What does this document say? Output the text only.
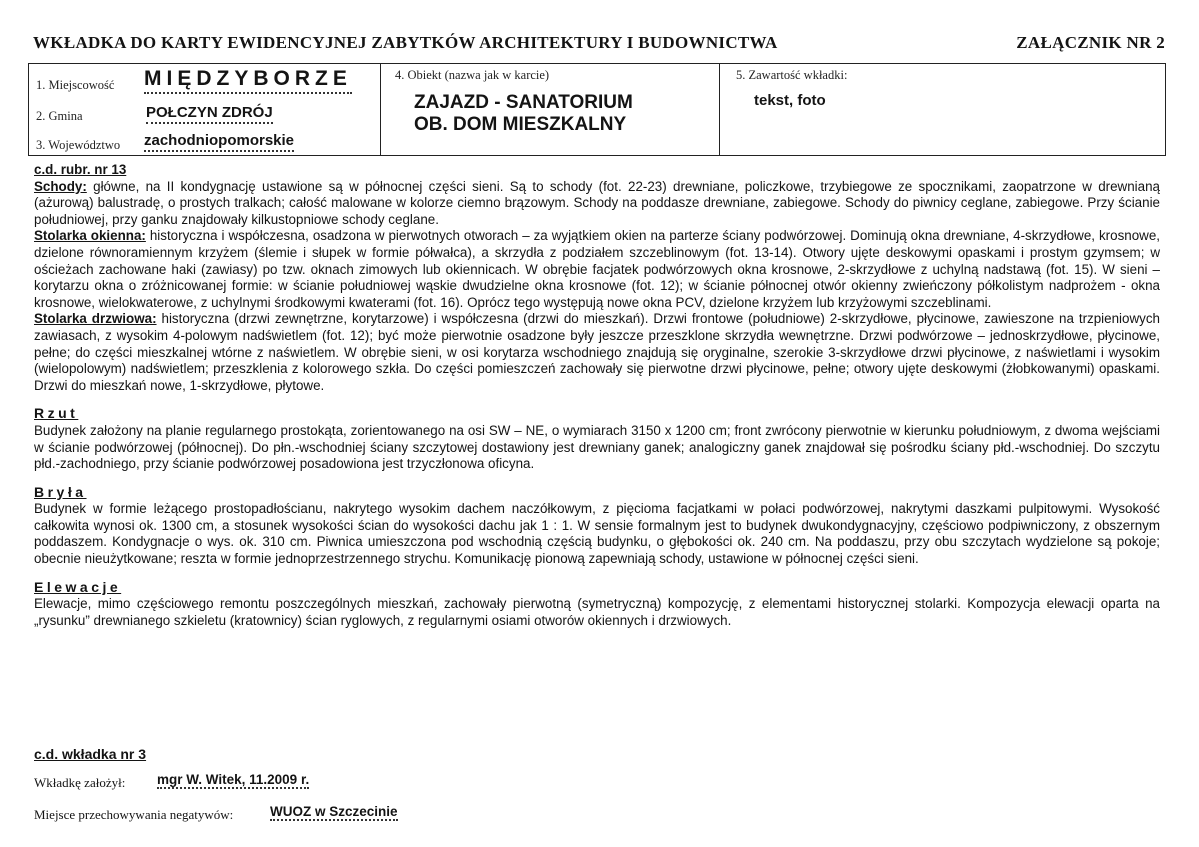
WKŁADKA DO KARTY EWIDENCYJNEJ ZABYTKÓW ARCHITEKTURY I BUDOWNICTWA	ZAŁĄCZNIK NR 2
1. Miejscowość MIĘDZYBORZE
2. Gmina	POŁCZYN ZDRÓJ
3. Województwo zachodniopomorskie
4. Obiekt (nazwa jak w karcie)
ZAJAZD - SANATORIUM
OB. DOM MIESZKALNY
5. Zawartość wkładki:
tekst, foto

c.d. rubr. nr 13

Schody: główne, na II kondygnację ustawione są w północnej części sieni. Są to schody (fot. 22-23) drewniane, policzkowe, trzybiegowe ze spocznikami, zaopatrzone w drewnianą (ażurową) balustradę, o prostych tralkach; całość malowane w kolorze ciemno brązowym. Schody na poddasze drewniane, zabiegowe. Schody do piwnicy ceglane, zabiegowe. Przy ścianie południowej, przy ganku znajdowały kilkustopniowe schody ceglane.

Stolarka okienna: historyczna i współczesna, osadzona w pierwotnych otworach – za wyjątkiem okien na parterze ściany podwórzowej. Dominują okna drewniane, 4-skrzydłowe, krosnowe, dzielone równoramiennym krzyżem (ślemie i słupek w formie półwałca), a skrzydła z podziałem szczeblinowym (fot. 13-14). Otwory ujęte deskowymi opaskami i prostym gzymsem; w ościeżach zachowane haki (zawiasy) po tzw. oknach zimowych lub okiennicach. W obrębie facjatek podwórzowych okna krosnowe, 2-skrzydłowe z uchylną nadstawą (fot. 15). W sieni – korytarzu okna o zróżnicowanej formie: w ścianie południowej wąskie dwudzielne okna krosnowe (fot. 12); w ścianie północnej otwór okienny zwieńczony półkolistym nadprożem - okna krosnowe, wielokwaterowe, z uchylnymi środkowymi kwaterami (fot. 16). Oprócz tego występują nowe okna PCV, dzielone krzyżem lub krzyżowymi szczeblinami.

Stolarka drzwiowa: historyczna (drzwi zewnętrzne, korytarzowe) i współczesna (drzwi do mieszkań). Drzwi frontowe (południowe) 2-skrzydłowe, płycinowe, zawieszone na trzpieniowych zawiasach, z wysokim 4-polowym nadświetlem (fot. 12); być może pierwotnie osadzone były jeszcze przeszklone skrzydła wewnętrzne. Drzwi podwórzowe – jednoskrzydłowe, płycinowe, pełne; do części mieszkalnej wtórne z naświetlem. W obrębie sieni, w osi korytarza wschodniego znajdują się oryginalne, szerokie 3-skrzydłowe drzwi płycinowe, z naświetlami i wysokim (wielopolowym) nadświetlem; przeszklenia z kolorowego szkła. Do części pomieszczeń zachowały się pierwotne drzwi płycinowe, pełne; otwory ujęte deskowymi (żłobkowanymi) opaskami. Drzwi do mieszkań nowe, 1-skrzydłowe, płytowe.

Rzut

Budynek założony na planie regularnego prostokąta, zorientowanego na osi SW – NE, o wymiarach 3150 x 1200 cm; front zwrócony pierwotnie w kierunku południowym, z dwoma wejściami w ścianie podwórzowej (północnej). Do płn.-wschodniej ściany szczytowej dostawiony jest drewniany ganek; analogiczny ganek znajdował się pośrodku ściany płd.-wschodniej. Do szczytu płd.-zachodniego, przy ścianie podwórzowej posadowiona jest trzyczłonowa oficyna.

Bryła

Budynek w formie leżącego prostopadłościanu, nakrytego wysokim dachem naczółkowym, z pięcioma facjatkami w połaci podwórzowej, nakrytymi daszkami pulpitowymi. Wysokość całkowita wynosi ok. 1300 cm, a stosunek wysokości ścian do wysokości dachu jak 1 : 1. W sensie formalnym jest to budynek dwukondygnacyjny, częściowo podpiwniczony, z obszernym poddaszem. Kondygnacje o wys. ok. 310 cm. Piwnica umieszczona pod wschodnią częścią budynku, o głębokości ok. 240 cm. Na poddaszu, przy obu szczytach wydzielone są pokoje; obecnie nieużytkowane; reszta w formie jednoprzestrzennego strychu. Komunikację pionową zapewniają schody, ustawione w północnej części sieni.

Elewacje

Elewacje, mimo częściowego remontu poszczególnych mieszkań, zachowały pierwotną (symetryczną) kompozycję, z elementami historycznej stolarki. Kompozycja elewacji oparta na „rysunku” drewnianego szkieletu (kratownicy) ścian ryglowych, z regularnymi osiami otworów okiennych i drzwiowych.

c.d. wkładka nr 3
Wkładkę założył: mgr W. Witek, 11.2009 r.
Miejsce przechowywania negatywów:	WUOZ w Szczecinie
